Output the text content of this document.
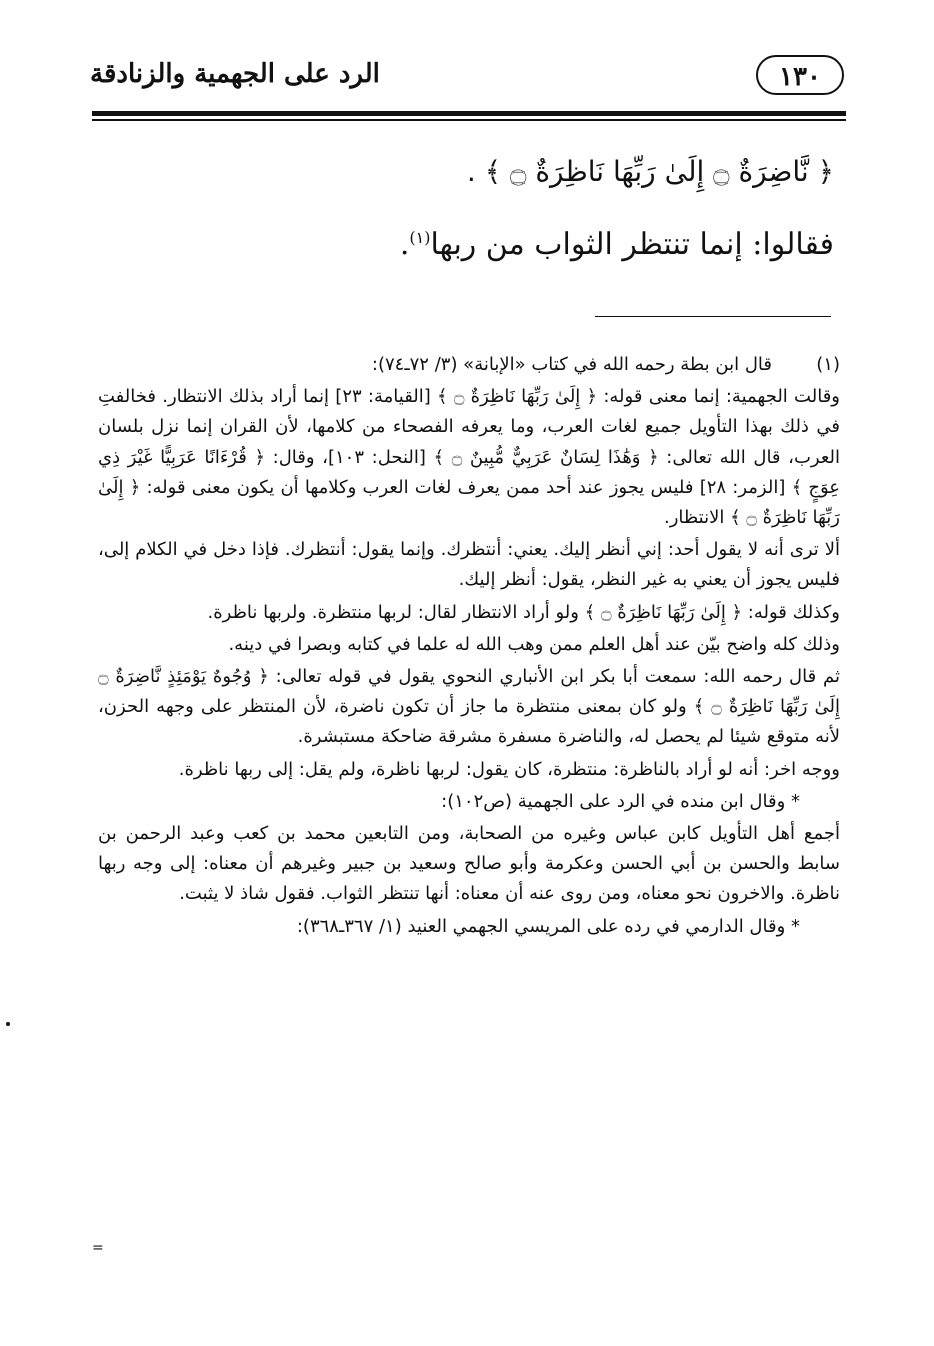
١٣٠
الرد على الجهمية والزنادقة
﴿ نَّاضِرَةٌ ۝ إِلَىٰ رَبِّهَا نَاظِرَةٌ ۝ ﴾ .
فقالوا: إنما تنتظر الثواب من ربها$^{(١)}$.
(١)
قال ابن بطة رحمه الله في كتاب «الإبانة» (٣/ ٧٢ـ٧٤):
وقالت الجهمية: إنما معنى قوله: ﴿ إِلَىٰ رَبِّهَا نَاظِرَةٌ ۝ ﴾ [القيامة: ٢٣] إنما أراد بذلك الانتظار. فخالفتِ في ذلك بهذا التأويل جميع لغات العرب، وما يعرفه الفصحاء من كلامها، لأن القران إنما نزل بلسان العرب، قال الله تعالى: ﴿ وَهَٰذَا لِسَانٌ عَرَبِيٌّ مُّبِينٌ ۝ ﴾ [النحل: ١٠٣]، وقال: ﴿ قُرْءَانًا عَرَبِيًّا غَيْرَ ذِي عِوَجٍ ﴾ [الزمر: ٢٨] فليس يجوز عند أحد ممن يعرف لغات العرب وكلامها أن يكون معنى قوله: ﴿ إِلَىٰ رَبِّهَا نَاظِرَةٌ ۝ ﴾ الانتظار.
ألا ترى أنه لا يقول أحد: إني أنظر إليك. يعني: أنتظرك. وإنما يقول: أنتظرك. فإذا دخل في الكلام إلى، فليس يجوز أن يعني به غير النظر، يقول: أنظر إليك.
وكذلك قوله: ﴿ إِلَىٰ رَبِّهَا نَاظِرَةٌ ۝ ﴾ ولو أراد الانتظار لقال: لربها منتظرة. ولربها ناظرة.
وذلك كله واضح بيّن عند أهل العلم ممن وهب الله له علما في كتابه وبصرا في دينه.
ثم قال رحمه الله: سمعت أبا بكر ابن الأنباري النحوي يقول في قوله تعالى: ﴿ وُجُوهٌ يَوْمَئِذٍ نَّاضِرَةٌ ۝ إِلَىٰ رَبِّهَا نَاظِرَةٌ ۝ ﴾ ولو كان بمعنى منتظرة ما جاز أن تكون ناضرة، لأن المنتظر على وجهه الحزن، لأنه متوقع شيئا لم يحصل له، والناضرة مسفرة مشرقة ضاحكة مستبشرة.
ووجه اخر: أنه لو أراد بالناظرة: منتظرة، كان يقول: لربها ناظرة، ولم يقل: إلى ربها ناظرة.
* وقال ابن منده في الرد على الجهمية (ص١٠٢):
أجمع أهل التأويل كابن عباس وغيره من الصحابة، ومن التابعين محمد بن كعب وعبد الرحمن بن سابط والحسن بن أبي الحسن وعكرمة وأبو صالح وسعيد بن جبير وغيرهم أن معناه: إلى وجه ربها ناظرة. والاخرون نحو معناه، ومن روى عنه أن معناه: أنها تنتظر الثواب. فقول شاذ لا يثبت.
* وقال الدارمي في رده على المريسي الجهمي العنيد (١/ ٣٦٧ـ٣٦٨):
=
